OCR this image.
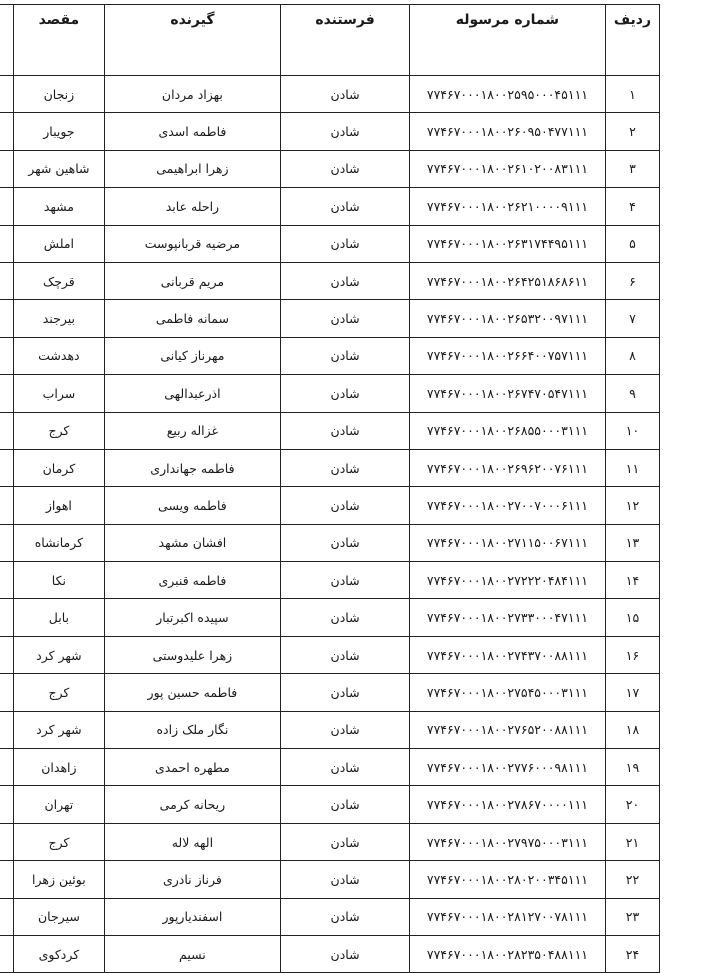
ردیف	شماره مرسوله	فرستنده	گیرنده	مقصد	
۱	۷۷۴۶۷۰۰۰۱۸۰۰۲۵۹۵۰۰۰۴۵۱۱۱	شادن	بهزاد مردان	زنجان	
۲	۷۷۴۶۷۰۰۰۱۸۰۰۲۶۰۹۵۰۴۷۷۱۱۱	شادن	فاطمه اسدی	جویبار	
۳	۷۷۴۶۷۰۰۰۱۸۰۰۲۶۱۰۲۰۰۸۳۱۱۱	شادن	زهرا ابراهیمی	شاهین شهر	
۴	۷۷۴۶۷۰۰۰۱۸۰۰۲۶۲۱۰۰۰۰۹۱۱۱	شادن	راحله عابد	مشهد	
۵	۷۷۴۶۷۰۰۰۱۸۰۰۲۶۳۱۷۴۴۹۵۱۱۱	شادن	مرضیه قربانپوست	املش	
۶	۷۷۴۶۷۰۰۰۱۸۰۰۲۶۴۲۵۱۸۶۸۶۱۱	شادن	مریم قربانی	قرچک	
۷	۷۷۴۶۷۰۰۰۱۸۰۰۲۶۵۳۲۰۰۹۷۱۱۱	شادن	سمانه فاطمی	بیرجند	
۸	۷۷۴۶۷۰۰۰۱۸۰۰۲۶۶۴۰۰۷۵۷۱۱۱	شادن	مهرناز کیانی	دهدشت	
۹	۷۷۴۶۷۰۰۰۱۸۰۰۲۶۷۴۷۰۵۴۷۱۱۱	شادن	اذرعبدالهی	سراب	
۱۰	۷۷۴۶۷۰۰۰۱۸۰۰۲۶۸۵۵۰۰۰۳۱۱۱	شادن	غزاله ربیع	کرج	
۱۱	۷۷۴۶۷۰۰۰۱۸۰۰۲۶۹۶۲۰۰۷۶۱۱۱	شادن	فاطمه جهانداری	کرمان	
۱۲	۷۷۴۶۷۰۰۰۱۸۰۰۲۷۰۰۷۰۰۰۶۱۱۱	شادن	فاطمه ویسی	اهواز	
۱۳	۷۷۴۶۷۰۰۰۱۸۰۰۲۷۱۱۵۰۰۶۷۱۱۱	شادن	افشان مشهد	کرمانشاه	
۱۴	۷۷۴۶۷۰۰۰۱۸۰۰۲۷۲۲۲۰۴۸۴۱۱۱	شادن	فاطمه قنبری	نکا	
۱۵	۷۷۴۶۷۰۰۰۱۸۰۰۲۷۳۳۰۰۰۴۷۱۱۱	شادن	سپیده اکبرتبار	بابل	
۱۶	۷۷۴۶۷۰۰۰۱۸۰۰۲۷۴۳۷۰۰۸۸۱۱۱	شادن	زهرا علیدوستی	شهر کرد	
۱۷	۷۷۴۶۷۰۰۰۱۸۰۰۲۷۵۴۵۰۰۰۳۱۱۱	شادن	فاطمه حسین پور	کرج	
۱۸	۷۷۴۶۷۰۰۰۱۸۰۰۲۷۶۵۲۰۰۸۸۱۱۱	شادن	نگار ملک زاده	شهر کرد	
۱۹	۷۷۴۶۷۰۰۰۱۸۰۰۲۷۷۶۰۰۰۹۸۱۱۱	شادن	مطهره احمدی	زاهدان	
۲۰	۷۷۴۶۷۰۰۰۱۸۰۰۲۷۸۶۷۰۰۰۰۱۱۱	شادن	ریحانه کرمی	تهران	
۲۱	۷۷۴۶۷۰۰۰۱۸۰۰۲۷۹۷۵۰۰۰۳۱۱۱	شادن	الهه لاله	کرج	
۲۲	۷۷۴۶۷۰۰۰۱۸۰۰۲۸۰۲۰۰۳۴۵۱۱۱	شادن	فرناز نادری	بوئین زهرا	
۲۳	۷۷۴۶۷۰۰۰۱۸۰۰۲۸۱۲۷۰۰۷۸۱۱۱	شادن	اسفندیارپور	سیرجان	
۲۴	۷۷۴۶۷۰۰۰۱۸۰۰۲۸۲۳۵۰۴۸۸۱۱۱	شادن	نسیم	کردکوی	
